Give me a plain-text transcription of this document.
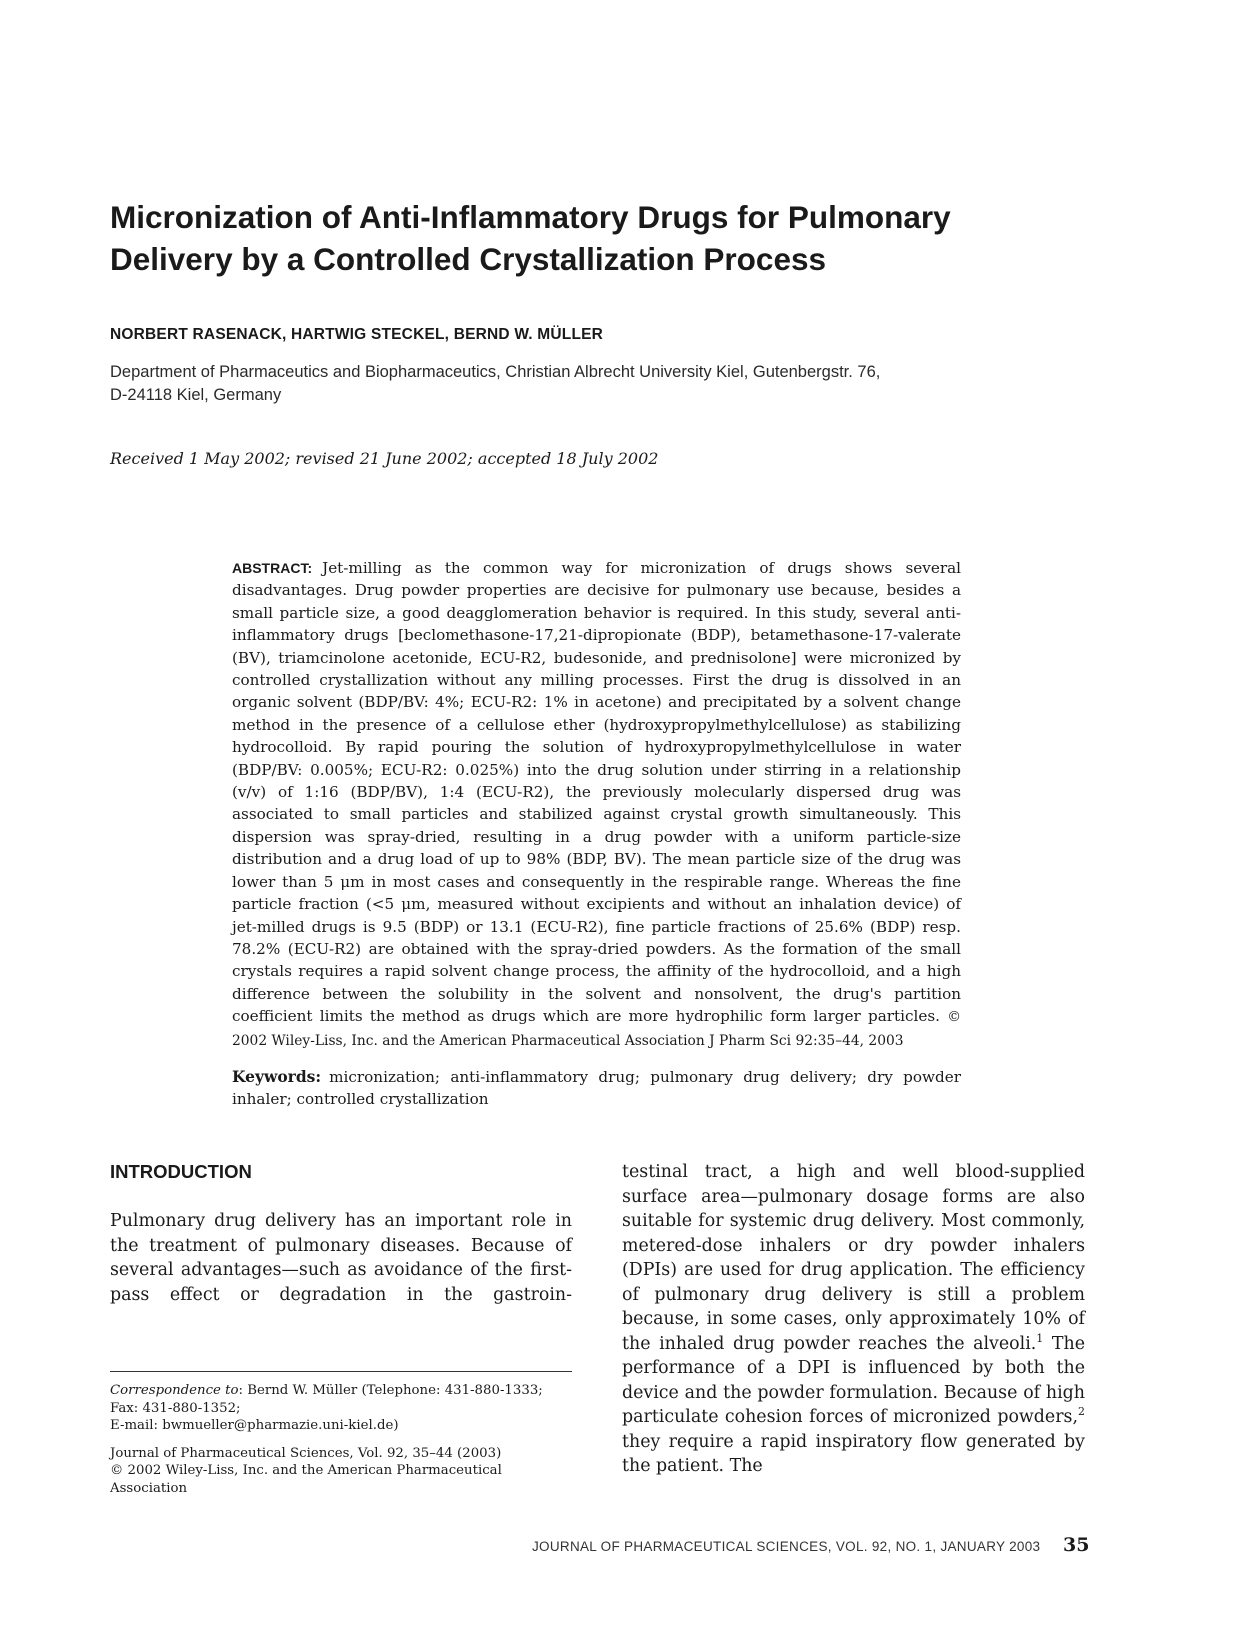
Micronization of Anti-Inflammatory Drugs for Pulmonary
Delivery by a Controlled Crystallization Process
NORBERT RASENACK, HARTWIG STECKEL, BERND W. MÜLLER
Department of Pharmaceutics and Biopharmaceutics, Christian Albrecht University Kiel, Gutenbergstr. 76,
D-24118 Kiel, Germany
Received 1 May 2002; revised 21 June 2002; accepted 18 July 2002
ABSTRACT: Jet-milling as the common way for micronization of drugs shows several disadvantages. Drug powder properties are decisive for pulmonary use because, besides a small particle size, a good deagglomeration behavior is required. In this study, several anti-inflammatory drugs [beclomethasone-17,21-dipropionate (BDP), betamethasone-17-valerate (BV), triamcinolone acetonide, ECU-R2, budesonide, and prednisolone] were micronized by controlled crystallization without any milling processes. First the drug is dissolved in an organic solvent (BDP/BV: 4%; ECU-R2: 1% in acetone) and precipitated by a solvent change method in the presence of a cellulose ether (hydroxypropylmethylcellulose) as stabilizing hydrocolloid. By rapid pouring the solution of hydroxypropylmethylcellulose in water (BDP/BV: 0.005%; ECU-R2: 0.025%) into the drug solution under stirring in a relationship (v/v) of 1:16 (BDP/BV), 1:4 (ECU-R2), the previously molecularly dispersed drug was associated to small particles and stabilized against crystal growth simultaneously. This dispersion was spray-dried, resulting in a drug powder with a uniform particle-size distribution and a drug load of up to 98% (BDP, BV). The mean particle size of the drug was lower than 5 μm in most cases and consequently in the respirable range. Whereas the fine particle fraction (<5 μm, measured without excipients and without an inhalation device) of jet-milled drugs is 9.5 (BDP) or 13.1 (ECU-R2), fine particle fractions of 25.6% (BDP) resp. 78.2% (ECU-R2) are obtained with the spray-dried powders. As the formation of the small crystals requires a rapid solvent change process, the affinity of the hydrocolloid, and a high difference between the solubility in the solvent and nonsolvent, the drug's partition coefficient limits the method as drugs which are more hydrophilic form larger particles. © 2002 Wiley-Liss, Inc. and the American Pharmaceutical Association J Pharm Sci 92:35–44, 2003
Keywords: micronization; anti-inflammatory drug; pulmonary drug delivery; dry powder inhaler; controlled crystallization
INTRODUCTION
Pulmonary drug delivery has an important role in the treatment of pulmonary diseases. Because of several advantages—such as avoidance of the first-pass effect or degradation in the gastroin-
testinal tract, a high and well blood-supplied surface area—pulmonary dosage forms are also suitable for systemic drug delivery. Most commonly, metered-dose inhalers or dry powder inhalers (DPIs) are used for drug application. The efficiency of pulmonary drug delivery is still a problem because, in some cases, only approximately 10% of the inhaled drug powder reaches the alveoli.$^1$ The performance of a DPI is influenced by both the device and the powder formulation. Because of high particulate cohesion forces of micronized powders,$^2$ they require a rapid inspiratory flow generated by the patient. The
Correspondence to: Bernd W. Müller (Telephone: 431-880-1333; Fax: 431-880-1352;
E-mail: bwmueller@pharmazie.uni-kiel.de)
Journal of Pharmaceutical Sciences, Vol. 92, 35–44 (2003)
© 2002 Wiley-Liss, Inc. and the American Pharmaceutical Association
JOURNAL OF PHARMACEUTICAL SCIENCES, VOL. 92, NO. 1, JANUARY 2003 35
